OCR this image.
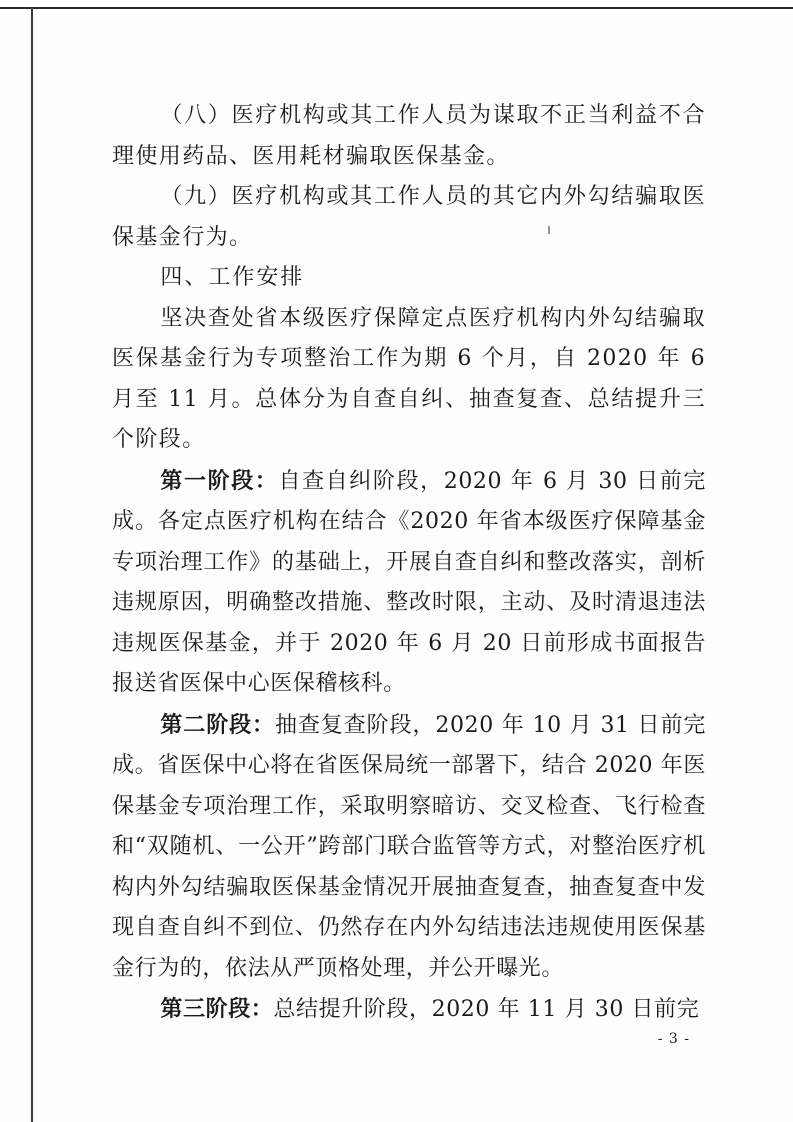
（八）医疗机构或其工作人员为谋取不正当利益不合理使用药品、医用耗材骗取医保基金。

（九）医疗机构或其工作人员的其它内外勾结骗取医保基金行为。

四、工作安排

坚决查处省本级医疗保障定点医疗机构内外勾结骗取医保基金行为专项整治工作为期 6 个月，自 2020 年 6 月至 11 月。总体分为自查自纠、抽查复查、总结提升三个阶段。

第一阶段：自查自纠阶段，2020 年 6 月 30 日前完成。各定点医疗机构在结合《2020 年省本级医疗保障基金专项治理工作》的基础上，开展自查自纠和整改落实，剖析违规原因，明确整改措施、整改时限，主动、及时清退违法违规医保基金，并于 2020 年 6 月 20 日前形成书面报告报送省医保中心医保稽核科。

第二阶段：抽查复查阶段，2020 年 10 月 31 日前完成。省医保中心将在省医保局统一部署下，结合 2020 年医保基金专项治理工作，采取明察暗访、交叉检查、飞行检查和“双随机、一公开”跨部门联合监管等方式，对整治医疗机构内外勾结骗取医保基金情况开展抽查复查，抽查复查中发现自查自纠不到位、仍然存在内外勾结违法违规使用医保基金行为的，依法从严顶格处理，并公开曝光。

第三阶段：总结提升阶段，2020 年 11 月 30 日前完

- 3 -
